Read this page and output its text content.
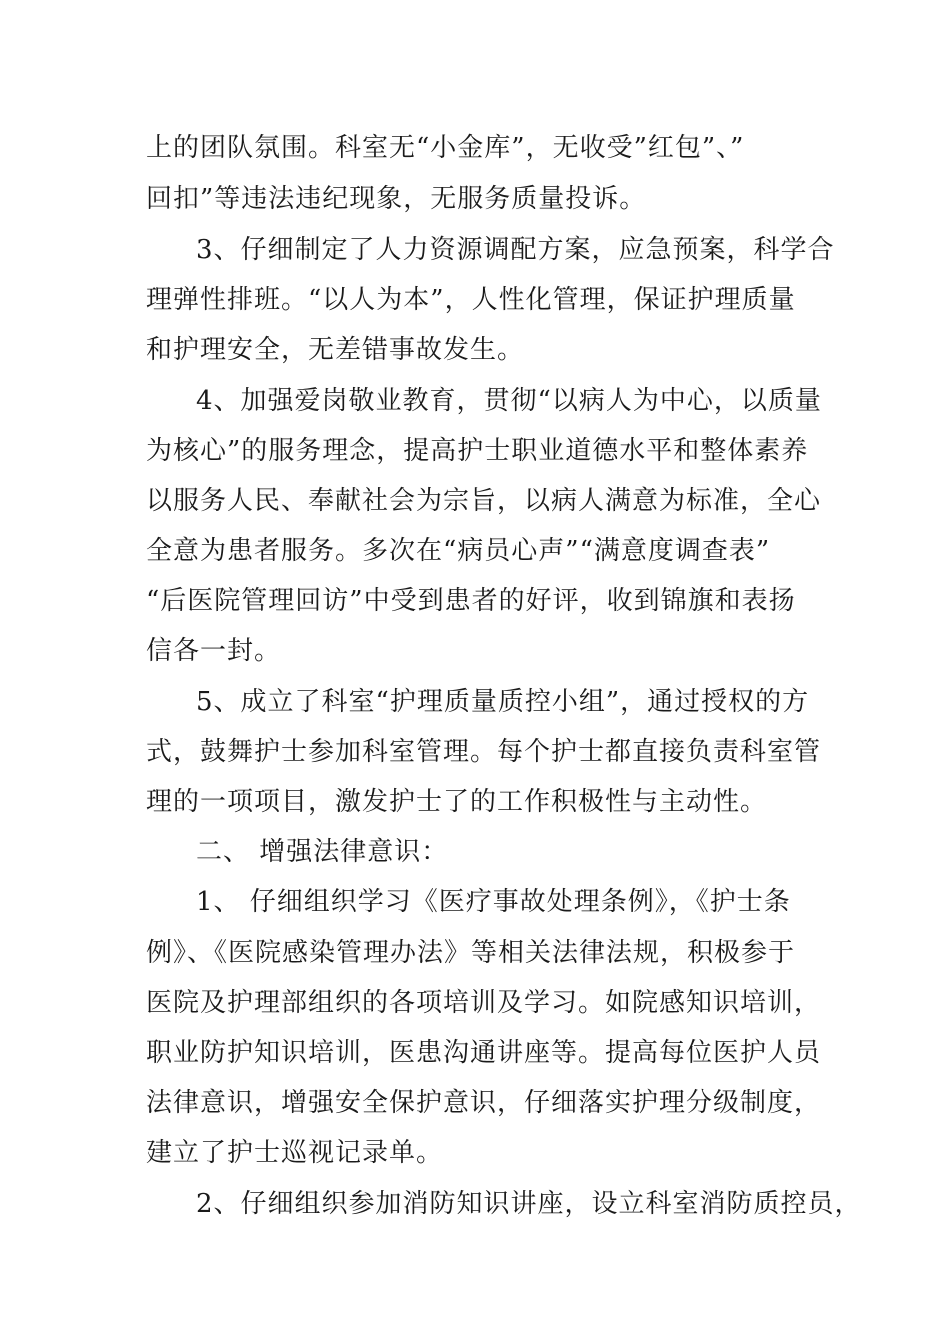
上的团队氛围。科室无“小金库”，无收受”红包”、”
回扣”等违法违纪现象，无服务质量投诉。
3、仔细制定了人力资源调配方案，应急预案，科学合
理弹性排班。“以人为本”，人性化管理，保证护理质量
和护理安全，无差错事故发生。
4、加强爱岗敬业教育，贯彻“以病人为中心，以质量
为核心”的服务理念，提高护士职业道德水平和整体素养
以服务人民、奉献社会为宗旨，以病人满意为标准，全心
全意为患者服务。多次在“病员心声”“满意度调查表”
“后医院管理回访”中受到患者的好评，收到锦旗和表扬
信各一封。
5、成立了科室“护理质量质控小组”，通过授权的方
式，鼓舞护士参加科室管理。每个护士都直接负责科室管
理的一项项目，激发护士了的工作积极性与主动性。
二、 增强法律意识：
1、 仔细组织学习《医疗事故处理条例》，《护士条
例》、《医院感染管理办法》等相关法律法规，积极参于
医院及护理部组织的各项培训及学习。如院感知识培训，
职业防护知识培训，医患沟通讲座等。提高每位医护人员
法律意识，增强安全保护意识，仔细落实护理分级制度，
建立了护士巡视记录单。
2、仔细组织参加消防知识讲座，设立科室消防质控员，
